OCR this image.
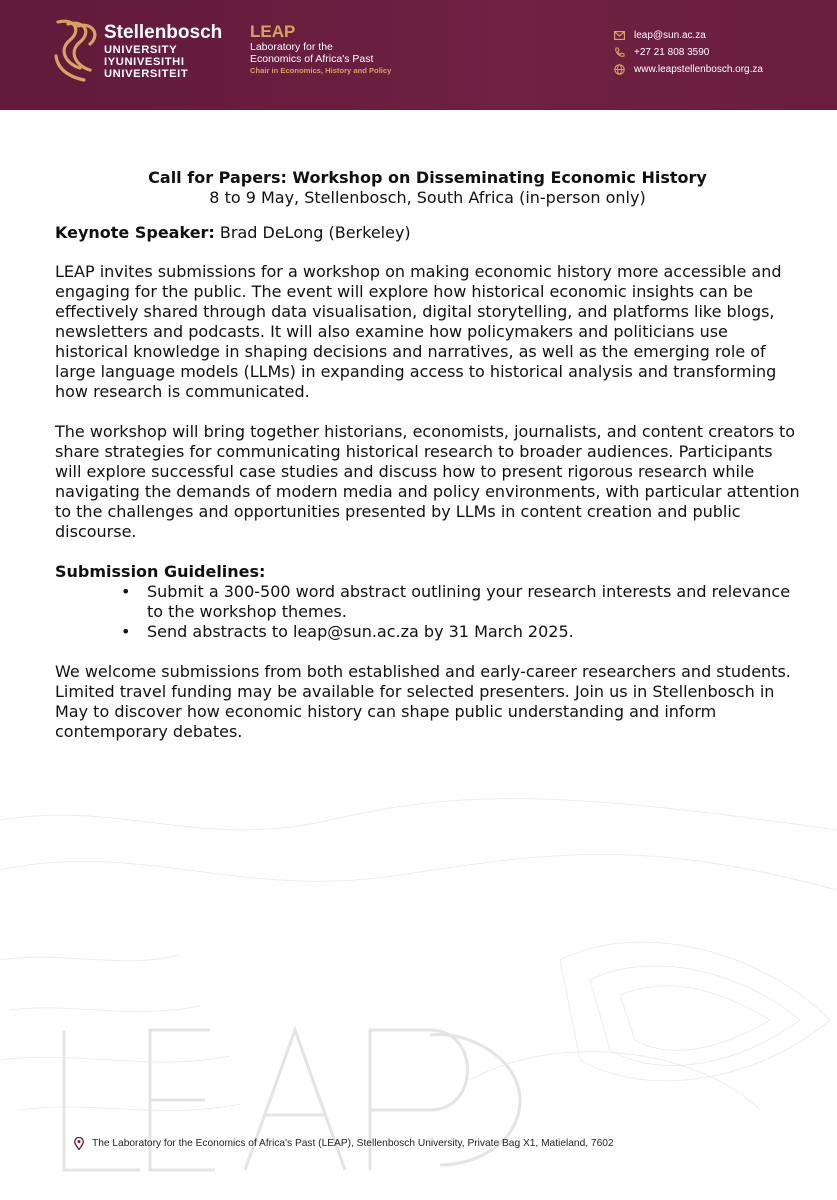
Stellenbosch
UNIVERSITY
IYUNIVESITHI
UNIVERSITEIT
LEAP
Laboratory for the
Economics of Africa's Past
Chair in Economics, History and Policy
leap@sun.ac.za
+27 21 808 3590
www.leapstellenbosch.org.za
Call for Papers: Workshop on Disseminating Economic History
8 to 9 May, Stellenbosch, South Africa (in-person only)
Keynote Speaker: Brad DeLong (Berkeley)

LEAP invites submissions for a workshop on making economic history more accessible and engaging for the public. The event will explore how historical economic insights can be effectively shared through data visualisation, digital storytelling, and platforms like blogs, newsletters and podcasts. It will also examine how policymakers and politicians use historical knowledge in shaping decisions and narratives, as well as the emerging role of large language models (LLMs) in expanding access to historical analysis and transforming how research is communicated.

The workshop will bring together historians, economists, journalists, and content creators to share strategies for communicating historical research to broader audiences. Participants will explore successful case studies and discuss how to present rigorous research while navigating the demands of modern media and policy environments, with particular attention to the challenges and opportunities presented by LLMs in content creation and public discourse.

Submission Guidelines:
• Submit a 300-500 word abstract outlining your research interests and relevance to the workshop themes.
• Send abstracts to leap@sun.ac.za by 31 March 2025.

We welcome submissions from both established and early-career researchers and students. Limited travel funding may be available for selected presenters. Join us in Stellenbosch in May to discover how economic history can shape public understanding and inform contemporary debates.

The Laboratory for the Economics of Africa's Past (LEAP), Stellenbosch University, Private Bag X1, Matieland, 7602
